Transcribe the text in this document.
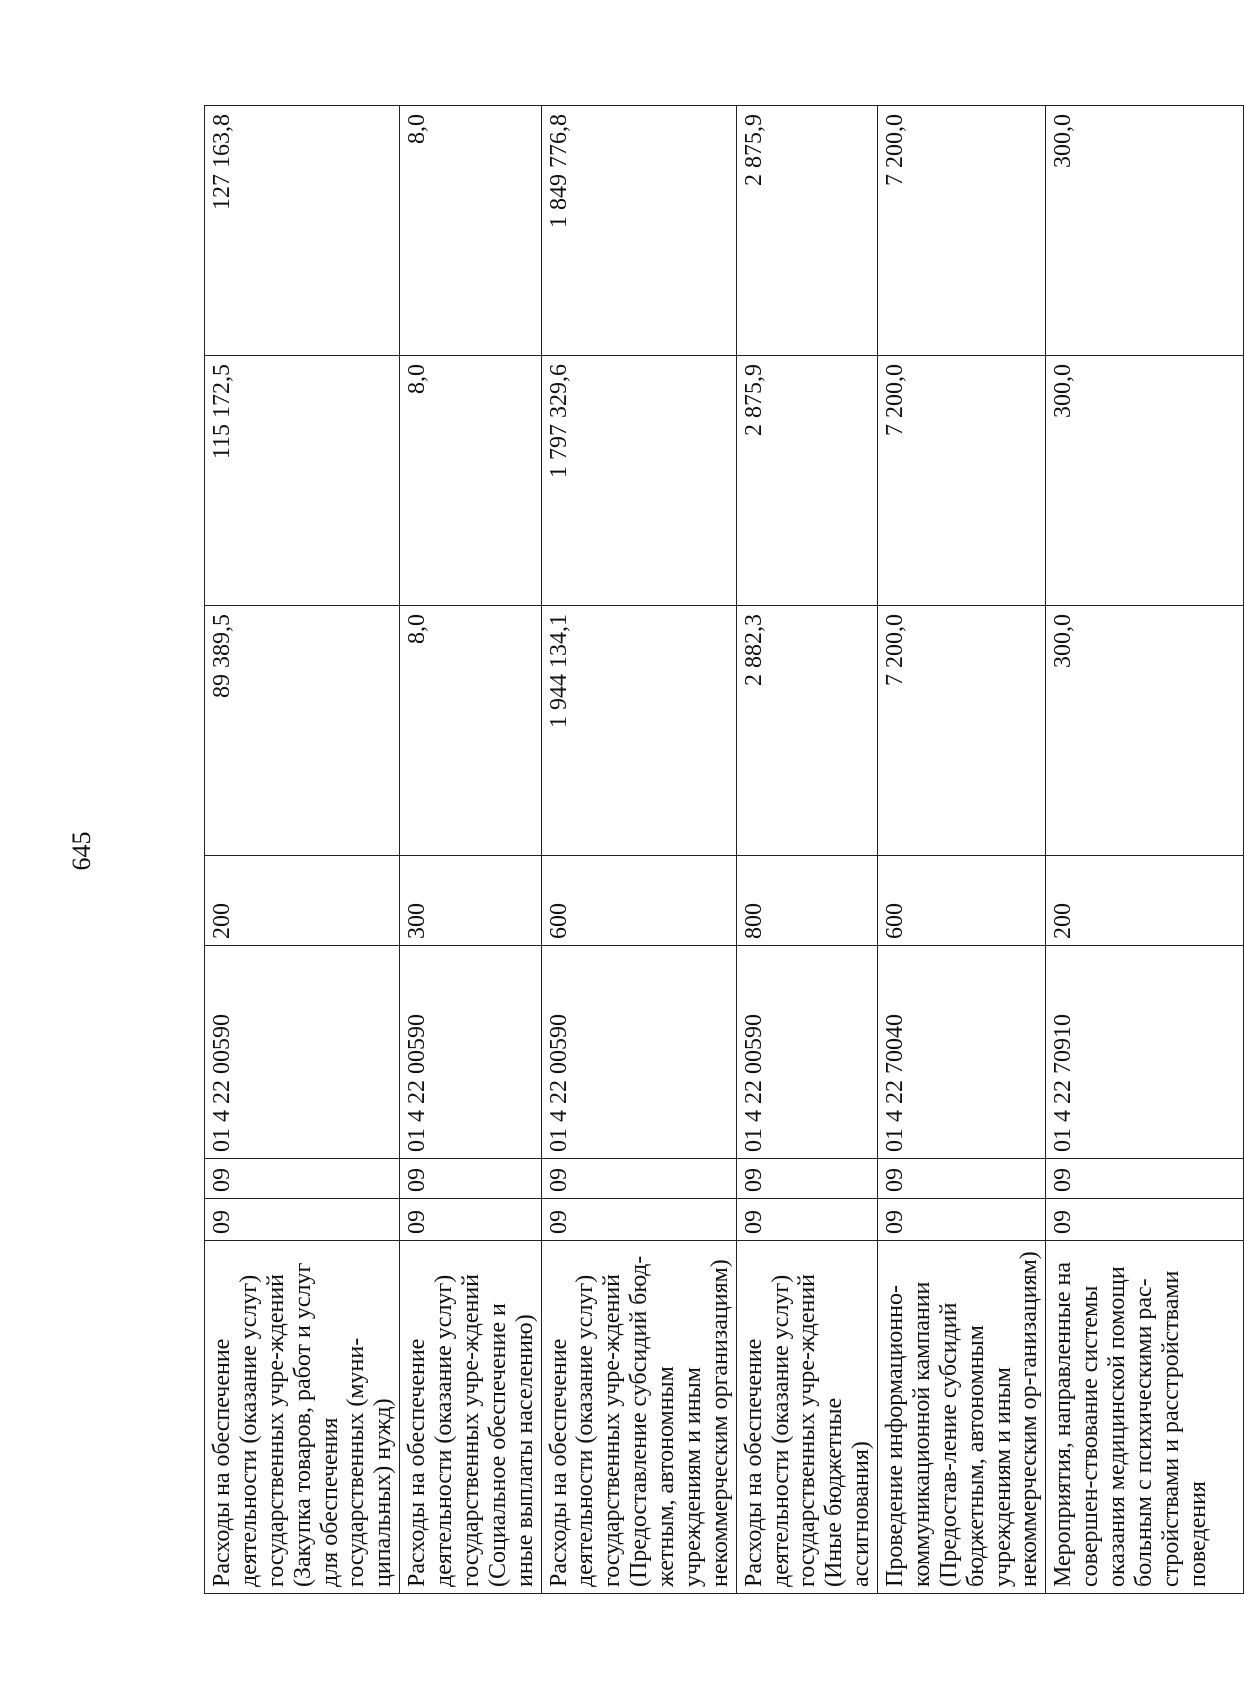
645
Расходы на обеспечение деятельности (оказание услуг) государственных учре-ждений (Закупка товаров, работ и услуг для обеспечения государственных (муни-ципальных) нужд)	09	09	01 4 22 00590	200	89 389,5	115 172,5	127 163,8
Расходы на обеспечение деятельности (оказание услуг) государственных учре-ждений (Социальное обеспечение и иные выплаты населению)	09	09	01 4 22 00590	300	8,0	8,0	8,0
Расходы на обеспечение деятельности (оказание услуг) государственных учре-ждений (Предоставление субсидий бюд-жетным, автономным учреждениям и иным некоммерческим организациям)	09	09	01 4 22 00590	600	1 944 134,1	1 797 329,6	1 849 776,8
Расходы на обеспечение деятельности (оказание услуг) государственных учре-ждений (Иные бюджетные ассигнования)	09	09	01 4 22 00590	800	2 882,3	2 875,9	2 875,9
Проведение информационно-коммуникационной кампании (Предостав-ление субсидий бюджетным, автономным учреждениям и иным некоммерческим ор-ганизациям)	09	09	01 4 22 70040	600	7 200,0	7 200,0	7 200,0
Мероприятия, направленные на совершен-ствование системы оказания медицинской помощи больным с психическими рас-стройствами и расстройствами поведения	09	09	01 4 22 70910	200	300,0	300,0	300,0
